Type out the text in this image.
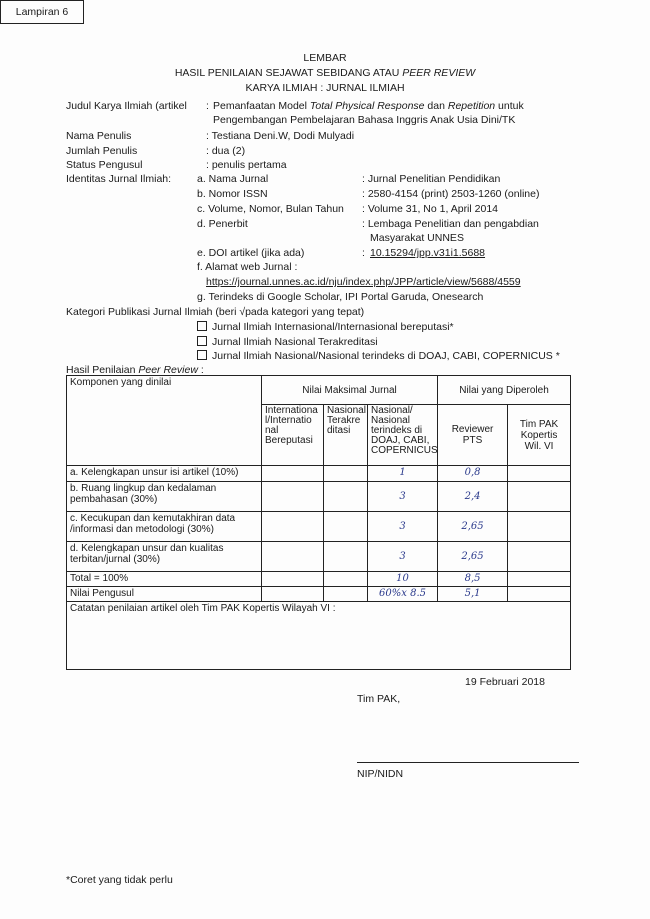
Lampiran 6
LEMBAR
HASIL PENILAIAN SEJAWAT SEBIDANG ATAU PEER REVIEW
KARYA ILMIAH : JURNAL ILMIAH
Judul Karya Ilmiah (artikel : Pemanfaatan Model Total Physical Response dan Repetition untuk
Pengembangan Pembelajaran Bahasa Inggris Anak Usia Dini/TK
Nama Penulis	: Testiana Deni.W, Dodi Mulyadi
Jumlah Penulis	: dua (2)
Status Pengusul	: penulis pertama
Identitas Jurnal Ilmiah: a. Nama Jurnal	: Jurnal Penelitian Pendidikan
b. Nomor ISSN	: 2580-4154 (print) 2503-1260 (online)
c. Volume, Nomor, Bulan Tahun : Volume 31, No 1, April 2014
d. Penerbit	: Lembaga Penelitian dan pengabdian
Masyarakat UNNES
e. DOI artikel (jika ada)	: 10.15294/jpp.v31i1.5688
f. Alamat web Jurnal :
https://journal.unnes.ac.id/nju/index.php/JPP/article/view/5688/4559
g. Terindeks di Google Scholar, IPI Portal Garuda, Onesearch
Kategori Publikasi Jurnal Ilmiah (beri √pada kategori yang tepat)
Jurnal Ilmiah Internasional/Internasional bereputasi*
Jurnal Ilmiah Nasional Terakreditasi
Jurnal Ilmiah Nasional/Nasional terindeks di DOAJ, CABI, COPERNICUS *
Hasil Penilaian Peer Review :
Komponen yang dinilai	Nilai Maksimal Jurnal			Nilai yang Diperoleh	
	Internationa l/Internatio nal Bereputasi	Nasional Terakre ditasi	Nasional/ Nasional terindeks di DOAJ, CABI, COPERNICUS	Reviewer PTS	Tim PAK Kopertis Wil. VI
a. Kelengkapan unsur isi artikel (10%)			1	0,8	
b. Ruang lingkup dan kedalaman pembahasan (30%)			3	2,4	
c. Kecukupan dan kemutakhiran data /informasi dan metodologi (30%)			3	2,65	
d. Kelengkapan unsur dan kualitas terbitan/jurnal (30%)			3	2,65	
Total = 100%			10	8,5	
Nilai Pengusul			60%x 8.5	5,1	
Catatan penilaian artikel oleh Tim PAK Kopertis Wilayah VI :					
19 Februari 2018
Tim PAK,
NIP/NIDN
*Coret yang tidak perlu
